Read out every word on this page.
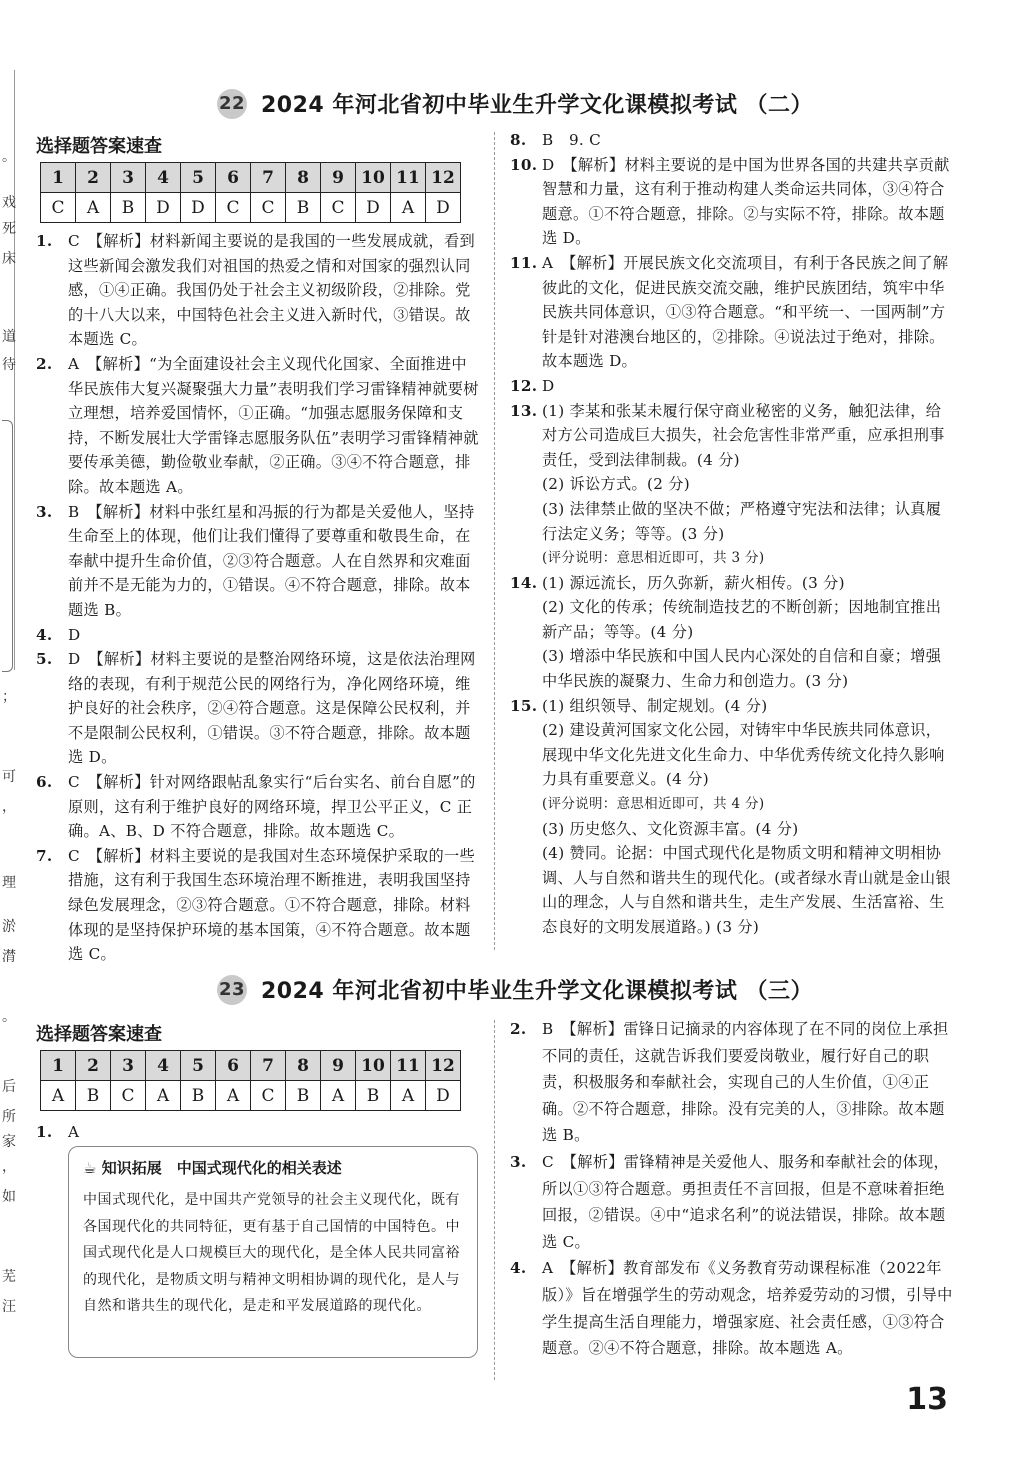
。
戏
死
床
道
待
；
可
，
理
淤
潸
。
后
所
家
，
如
芜
汪
22 2024 年河北省初中毕业生升学文化课模拟考试 （二）
选择题答案速查
1	2	3	4	5	6	7	8	9	10	11	12
C	A	B	D	D	C	C	B	C	D	A	D

1. C　【解析】材料新闻主要说的是我国的一些发展成就，看到这些新闻会激发我们对祖国的热爱之情和对国家的强烈认同感，①④正确。我国仍处于社会主义初级阶段，②排除。党的十八大以来，中国特色社会主义进入新时代，③错误。故本题选 C。

2. A　【解析】“为全面建设社会主义现代化国家、全面推进中华民族伟大复兴凝聚强大力量”表明我们学习雷锋精神就要树立理想，培养爱国情怀，①正确。“加强志愿服务保障和支持，不断发展壮大学雷锋志愿服务队伍”表明学习雷锋精神就要传承美德，勤俭敬业奉献，②正确。③④不符合题意，排除。故本题选 A。

3. B　【解析】材料中张红星和冯振的行为都是关爱他人，坚持生命至上的体现，他们让我们懂得了要尊重和敬畏生命，在奉献中提升生命价值，②③符合题意。人在自然界和灾难面前并不是无能为力的，①错误。④不符合题意，排除。故本题选 B。

4. D

5. D　【解析】材料主要说的是整治网络环境，这是依法治理网络的表现，有利于规范公民的网络行为，净化网络环境，维护良好的社会秩序，②④符合题意。这是保障公民权利，并不是限制公民权利，①错误。③不符合题意，排除。故本题选 D。

6. C　【解析】针对网络跟帖乱象实行“后台实名、前台自愿”的原则，这有利于维护良好的网络环境，捍卫公平正义，C 正确。A、B、D 不符合题意，排除。故本题选 C。

7. C　【解析】材料主要说的是我国对生态环境保护采取的一些措施，这有利于我国生态环境治理不断推进，表明我国坚持绿色发展理念，②③符合题意。①不符合题意，排除。材料体现的是坚持保护环境的基本国策，④不符合题意。故本题选 C。

8. B　9. C

10. D　【解析】材料主要说的是中国为世界各国的共建共享贡献智慧和力量，这有利于推动构建人类命运共同体，③④符合题意。①不符合题意，排除。②与实际不符，排除。故本题选 D。

11. A　【解析】开展民族文化交流项目，有利于各民族之间了解彼此的文化，促进民族交流交融，维护民族团结，筑牢中华民族共同体意识，①③符合题意。“和平统一、一国两制”方针是针对港澳台地区的，②排除。④说法过于绝对，排除。故本题选 D。

12. D

13. (1) 李某和张某未履行保守商业秘密的义务，触犯法律，给对方公司造成巨大损失，社会危害性非常严重，应承担刑事责任，受到法律制裁。(4 分)

(2) 诉讼方式。(2 分)

(3) 法律禁止做的坚决不做；严格遵守宪法和法律；认真履行法定义务；等等。(3 分)

(评分说明：意思相近即可，共 3 分)

14. (1) 源远流长，历久弥新，薪火相传。(3 分)

(2) 文化的传承；传统制造技艺的不断创新；因地制宜推出新产品；等等。(4 分)

(3) 增添中华民族和中国人民内心深处的自信和自豪；增强中华民族的凝聚力、生命力和创造力。(3 分)

15. (1) 组织领导、制定规划。(4 分)

(2) 建设黄河国家文化公园，对铸牢中华民族共同体意识，展现中华文化先进文化生命力、中华优秀传统文化持久影响力具有重要意义。(4 分)

(评分说明：意思相近即可，共 4 分)

(3) 历史悠久、文化资源丰富。(4 分)

(4) 赞同。论据：中国式现代化是物质文明和精神文明相协调、人与自然和谐共生的现代化。(或者绿水青山就是金山银山的理念，人与自然和谐共生，走生产发展、生活富裕、生态良好的文明发展道路。) (3 分)

23 2024 年河北省初中毕业生升学文化课模拟考试 （三）
选择题答案速查
1	2	3	4	5	6	7	8	9	10	11	12
A	B	C	A	B	A	C	B	A	B	A	D

1. A

☕ 知识拓展　 中国式现代化的相关表述
中国式现代化，是中国共产党领导的社会主义现代化，既有各国现代化的共同特征，更有基于自己国情的中国特色。中国式现代化是人口规模巨大的现代化，是全体人民共同富裕的现代化，是物质文明与精神文明相协调的现代化，是人与自然和谐共生的现代化，是走和平发展道路的现代化。

2. B　【解析】雷锋日记摘录的内容体现了在不同的岗位上承担不同的责任，这就告诉我们要爱岗敬业，履行好自己的职责，积极服务和奉献社会，实现自己的人生价值，①④正确。②不符合题意，排除。没有完美的人，③排除。故本题选 B。

3. C　【解析】雷锋精神是关爱他人、服务和奉献社会的体现，所以①③符合题意。勇担责任不言回报，但是不意味着拒绝回报，②错误。④中“追求名利”的说法错误，排除。故本题选 C。

4. A　【解析】教育部发布《义务教育劳动课程标准（2022年版）》旨在增强学生的劳动观念，培养爱劳动的习惯，引导中学生提高生活自理能力，增强家庭、社会责任感，①③符合题意。②④不符合题意，排除。故本题选 A。

13
